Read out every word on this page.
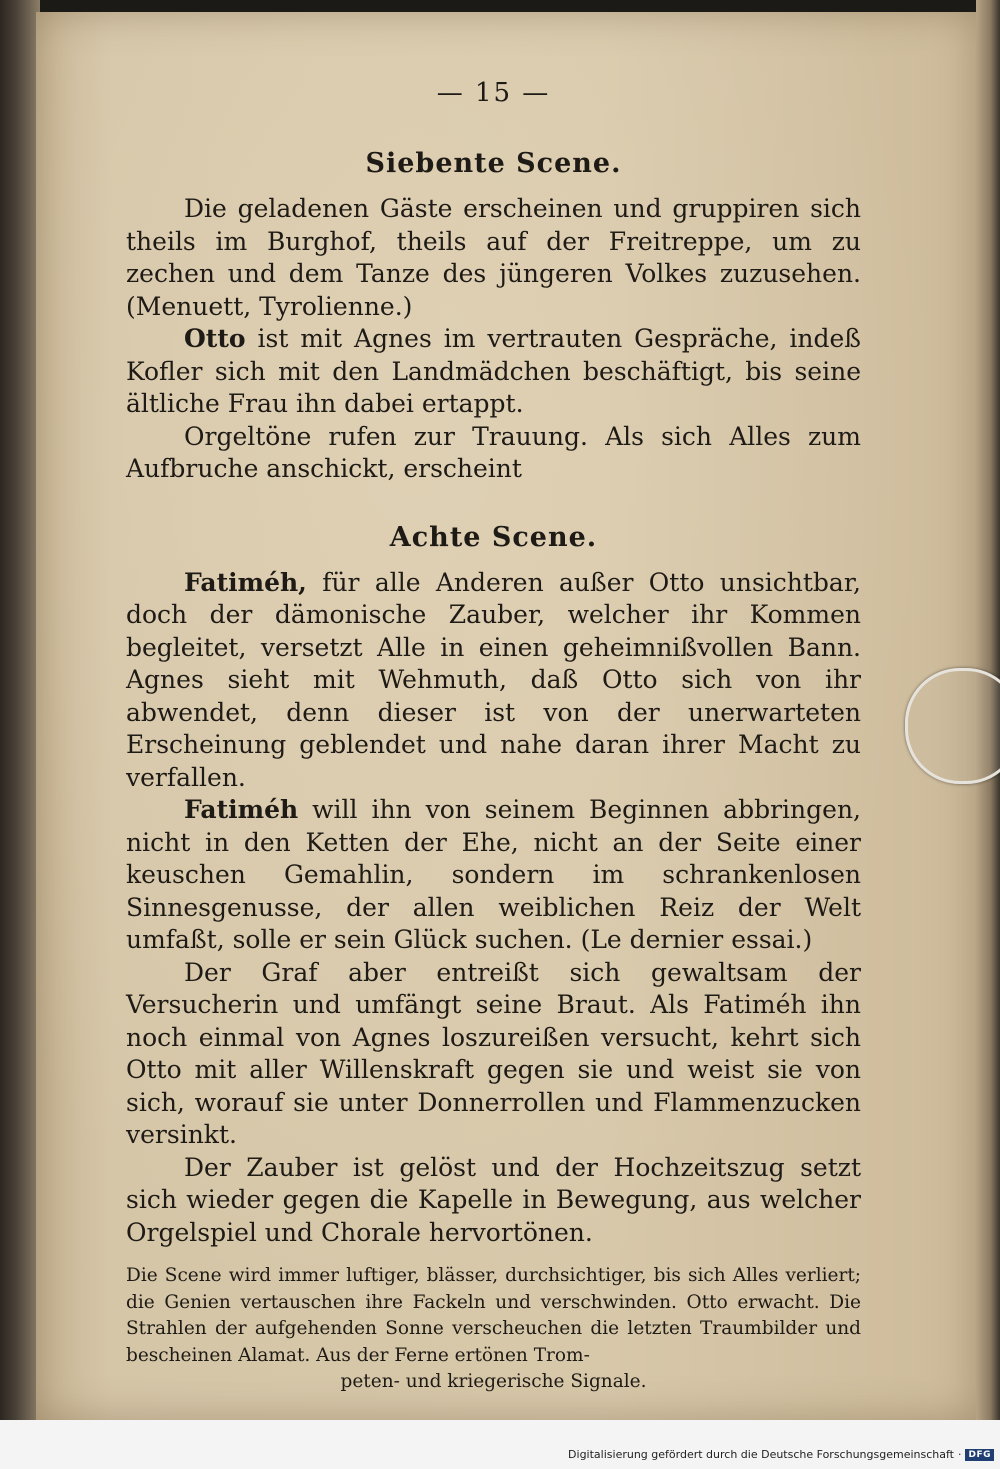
— 15 —
Siebente Scene.

Die geladenen Gäste erscheinen und gruppiren sich theils im Burghof, theils auf der Freitreppe, um zu zechen und dem Tanze des jüngeren Volkes zuzusehen. (Menuett, Tyrolienne.)

Otto ist mit Agnes im vertrauten Gespräche, indeß Kofler sich mit den Landmädchen beschäftigt, bis seine ältliche Frau ihn dabei ertappt.

Orgeltöne rufen zur Trauung. Als sich Alles zum Aufbruche anschickt, erscheint

Achte Scene.

Fatiméh, für alle Anderen außer Otto unsichtbar, doch der dämonische Zauber, welcher ihr Kommen begleitet, versetzt Alle in einen geheimnißvollen Bann. Agnes sieht mit Wehmuth, daß Otto sich von ihr abwendet, denn dieser ist von der unerwarteten Erscheinung geblendet und nahe daran ihrer Macht zu verfallen.

Fatiméh will ihn von seinem Beginnen abbringen, nicht in den Ketten der Ehe, nicht an der Seite einer keuschen Gemahlin, sondern im schrankenlosen Sinnesgenusse, der allen weiblichen Reiz der Welt umfaßt, solle er sein Glück suchen. (Le dernier essai.)

Der Graf aber entreißt sich gewaltsam der Versucherin und umfängt seine Braut. Als Fatiméh ihn noch einmal von Agnes loszureißen versucht, kehrt sich Otto mit aller Willenskraft gegen sie und weist sie von sich, worauf sie unter Donnerrollen und Flammenzucken versinkt.

Der Zauber ist gelöst und der Hochzeitszug setzt sich wieder gegen die Kapelle in Bewegung, aus welcher Orgelspiel und Chorale hervortönen.

Die Scene wird immer luftiger, blässer, durchsichtiger, bis sich Alles verliert; die Genien vertauschen ihre Fackeln und verschwinden. Otto erwacht. Die Strahlen der aufgehenden Sonne verscheuchen die letzten Traumbilder und bescheinen Alamat. Aus der Ferne ertönen Trom-

peten- und kriegerische Signale.

Digitalisierung gefördert durch die Deutsche Forschungsgemeinschaft · DFG
